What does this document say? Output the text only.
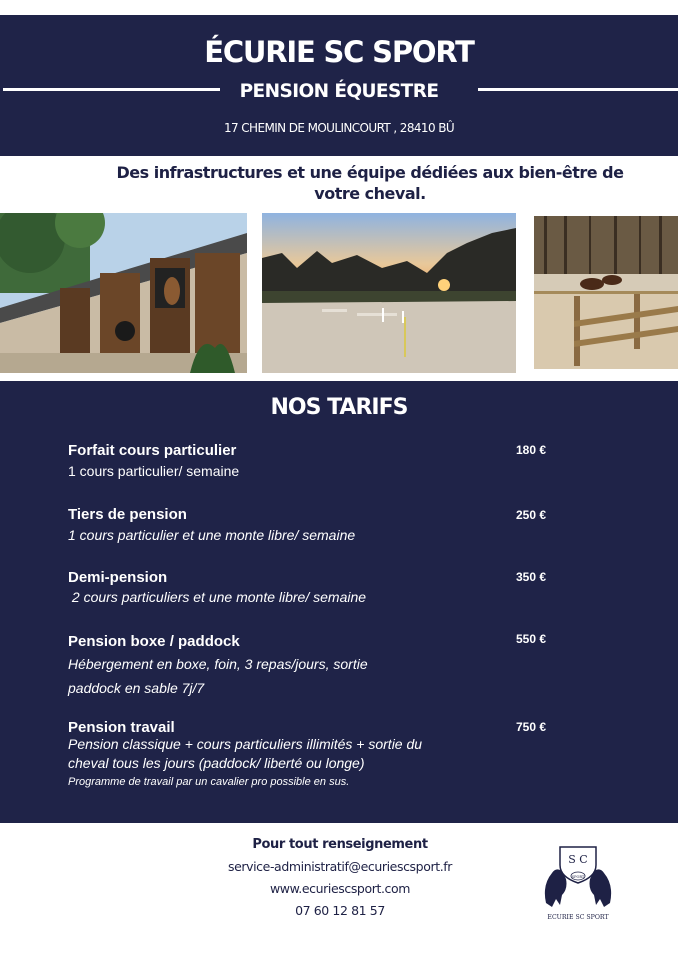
ÉCURIE SC SPORT
PENSION ÉQUESTRE
17 CHEMIN DE MOULINCOURT , 28410 BÛ
Des infrastructures et une équipe dédiées aux bien-être de votre cheval.
NOS TARIFS
Forfait cours particulier	180 €
1 cours particulier/ semaine
Tiers de pension	250 €
1 cours particulier et une monte libre/ semaine
Demi-pension	350 €
2 cours particuliers et une monte libre/ semaine
Pension boxe / paddock	550 €
Hébergement en boxe, foin, 3 repas/jours, sortie
paddock en sable 7j/7
Pension travail	750 €
Pension classique + cours particuliers illimités + sortie du
cheval tous les jours (paddock/ liberté ou longe)
Programme de travail par un cavalier pro possible en sus.
Pour tout renseignement
service-administratif@ecuriescsport.fr
www.ecuriescsport.com
07 60 12 81 57
S C
SPORT
ECURIE SC SPORT
